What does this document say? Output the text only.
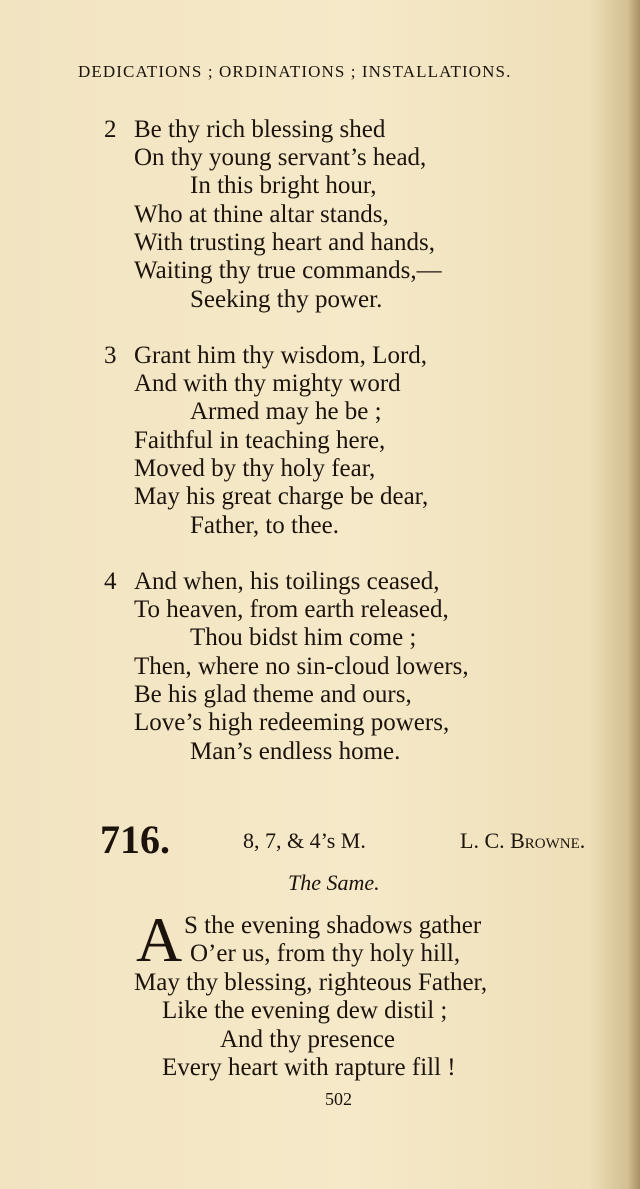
DEDICATIONS ; ORDINATIONS ; INSTALLATIONS.
2 Be thy rich blessing shed
On thy young servant’s head,
In this bright hour,
Who at thine altar stands,
With trusting heart and hands,
Waiting thy true commands,—
Seeking thy power.
3 Grant him thy wisdom, Lord,
And with thy mighty word
Armed may he be ;
Faithful in teaching here,
Moved by thy holy fear,
May his great charge be dear,
Father, to thee.
4 And when, his toilings ceased,
To heaven, from earth released,
Thou bidst him come ;
Then, where no sin-cloud lowers,
Be his glad theme and ours,
Love’s high redeeming powers,
Man’s endless home.
716.	8, 7, & 4’s M.	L. C. Browne.
The Same.
A S the evening shadows gather
O’er us, from thy holy hill,
May thy blessing, righteous Father,
Like the evening dew distil ;
And thy presence
Every heart with rapture fill !
502
